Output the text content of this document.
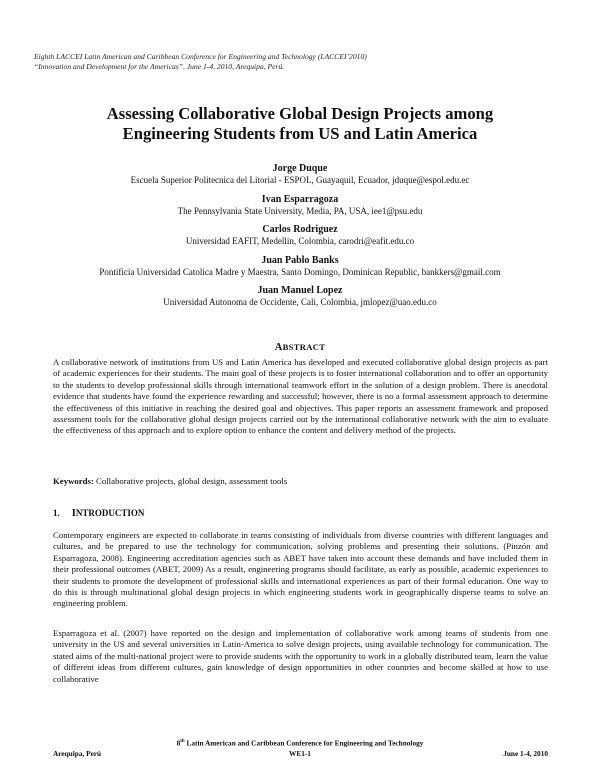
Eighth LACCEI Latin American and Caribbean Conference for Engineering and Technology (LACCEI’2010)
“Innovation and Development for the Americas”, June 1-4, 2010, Arequipa, Perú.
Assessing Collaborative Global Design Projects among
Engineering Students from US and Latin America
Jorge Duque
Escuela Superior Politecnica del Litorial - ESPOL, Guayaquil, Ecuador, jduque@espol.edu.ec
Ivan Esparragoza
The Pennsylvania State University, Media, PA, USA, iee1@psu.edu
Carlos Rodriguez
Universidad EAFIT, Medellin, Colombia, carodri@eafit.edu.co
Juan Pablo Banks
Pontificia Universidad Catolica Madre y Maestra, Santo Domingo, Dominican Republic, bankkers@gmail.com
Juan Manuel Lopez
Universidad Autonoma de Occidente, Cali, Colombia, jmlopez@uao.edu.co
ABSTRACT

A collaborative network of institutions from US and Latin America has developed and executed collaborative global design projects as part of academic experiences for their students. The main goal of these projects is to foster international collaboration and to offer an opportunity to the students to develop professional skills through international teamwork effort in the solution of a design problem. There is anecdotal evidence that students have found the experience rewarding and successful; however, there is no a formal assessment approach to determine the effectiveness of this initiative in reaching the desired goal and objectives. This paper reports an assessment framework and proposed assessment tools for the collaborative global design projects carried out by the international collaborative network with the aim to evaluate the effectiveness of this approach and to explore option to enhance the content and delivery method of the projects.

Keywords: Collaborative projects, global design, assessment tools
1. INTRODUCTION

Contemporary engineers are expected to collaborate in teams consisting of individuals from diverse countries with different languages and cultures, and be prepared to use the technology for communication, solving problems and presenting their solutions. (Pinzón and Esparragoza, 2008). Engineering accreditation agencies such as ABET have taken into account these demands and have included them in their professional outcomes (ABET, 2009) As a result, engineering programs should facilitate, as early as possible, academic experiences to their students to promote the development of professional skills and international experiences as part of their formal education. One way to do this is through multinational global design projects in which engineering students work in geographically disperse teams to solve an engineering problem.

Esparragoza et al. (2007) have reported on the design and implementation of collaborative work among teams of students from one university in the US and several universities in Latin-America to solve design projects, using available technology for communication. The stated aims of the multi-national project were to provide students with the opportunity to work in a globally distributed team, learn the value of different ideas from different cultures, gain knowledge of design opportunities in other countries and become skilled at how to use collaborative

8th Latin American and Caribbean Conference for Engineering and Technology
Arequipa, Perú	WE1-1	June 1-4, 2010
